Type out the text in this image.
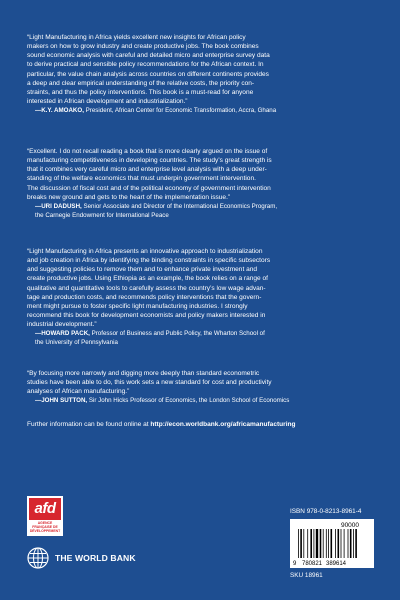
“Light Manufacturing in Africa yields excellent new insights for African policy
makers on how to grow industry and create productive jobs. The book combines
sound economic analysis with careful and detailed micro and enterprise survey data
to derive practical and sensible policy recommendations for the African context. In
particular, the value chain analysis across countries on different continents provides
a deep and clear empirical understanding of the relative costs, the priority con-
straints, and thus the policy interventions. This book is a must-read for anyone
interested in African development and industrialization.”

—K.Y. AMOAKO, President, African Center for Economic Transformation, Accra, Ghana

“Excellent. I do not recall reading a book that is more clearly argued on the issue of
manufacturing competitiveness in developing countries. The study’s great strength is
that it combines very careful micro and enterprise level analysis with a deep under-
standing of the welfare economics that must underpin government intervention.
The discussion of fiscal cost and of the political economy of government intervention
breaks new ground and gets to the heart of the implementation issue.”

—URI DADUSH, Senior Associate and Director of the International Economics Program,
the Carnegie Endowment for International Peace

“Light Manufacturing in Africa presents an innovative approach to industrialization
and job creation in Africa by identifying the binding constraints in specific subsectors
and suggesting policies to remove them and to enhance private investment and
create productive jobs. Using Ethiopia as an example, the book relies on a range of
qualitative and quantitative tools to carefully assess the country’s low wage advan-
tage and production costs, and recommends policy interventions that the govern-
ment might pursue to foster specific light manufacturing industries. I strongly
recommend this book for development economists and policy makers interested in
industrial development.”

—HOWARD PACK, Professor of Business and Public Policy, the Wharton School of
the University of Pennsylvania

“By focusing more narrowly and digging more deeply than standard econometric
studies have been able to do, this work sets a new standard for cost and productivity
analyses of African manufacturing.”

—JOHN SUTTON, Sir John Hicks Professor of Economics, the London School of Economics
Further information can be found online at http://econ.worldbank.org/africamanufacturing
afd
AGENCE FRANÇAISE DE DÉVELOPPEMENT
THE WORLD BANK
ISBN 978-0-8213-8961-4
90000
9 780821 389614
SKU 18961
